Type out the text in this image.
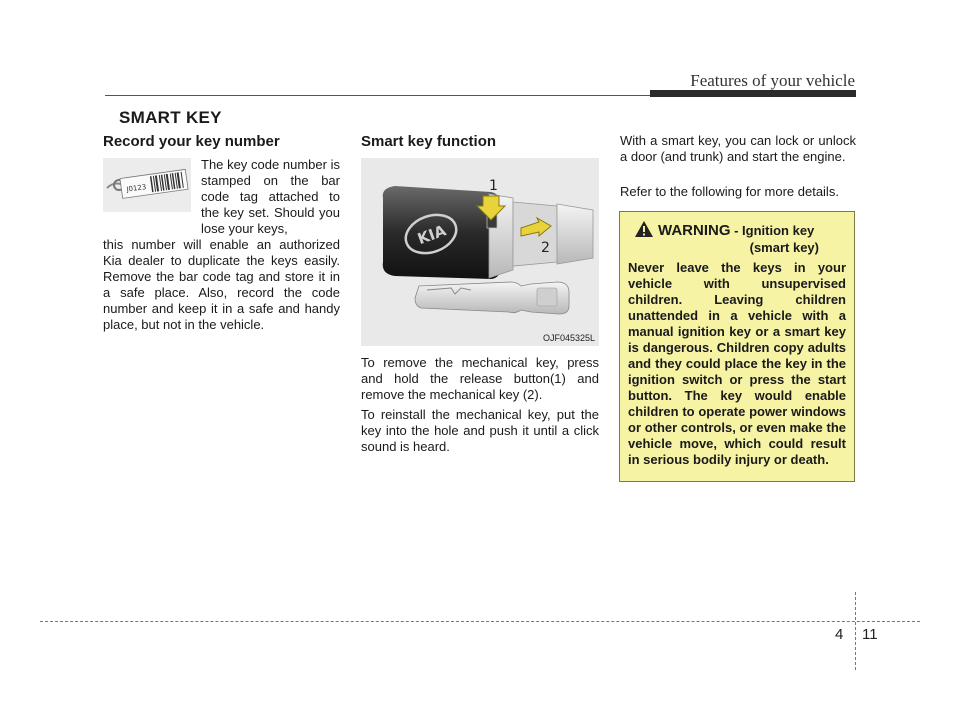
Features of your vehicle
SMART KEY
Record your key number
J0123

The key code number is stamped on the bar code tag attached to the key set. Should you lose your keys,

this number will enable an authorized Kia dealer to duplicate the keys easily. Remove the bar code tag and store it in a safe place. Also, record the code number and keep it in a safe and handy place, but not in the vehicle.

Smart key function
KIA
1
2
OJF045325L

To remove the mechanical key, press and hold the release button(1) and remove the mechanical key (2).

To reinstall the mechanical key, put the key into the hole and push it until a click sound is heard.

With a smart key, you can lock or unlock a door (and trunk) and start the engine.

Refer to the following for more details.

WARNING - Ignition key
(smart key)

Never leave the keys in your vehicle with unsupervised children. Leaving children unattended in a vehicle with a manual ignition key or a smart key is dangerous. Children copy adults and they could place the key in the ignition switch or press the start button. The key would enable children to operate power windows or other controls, or even make the vehicle move, which could result in serious bodily injury or death.

4 11
